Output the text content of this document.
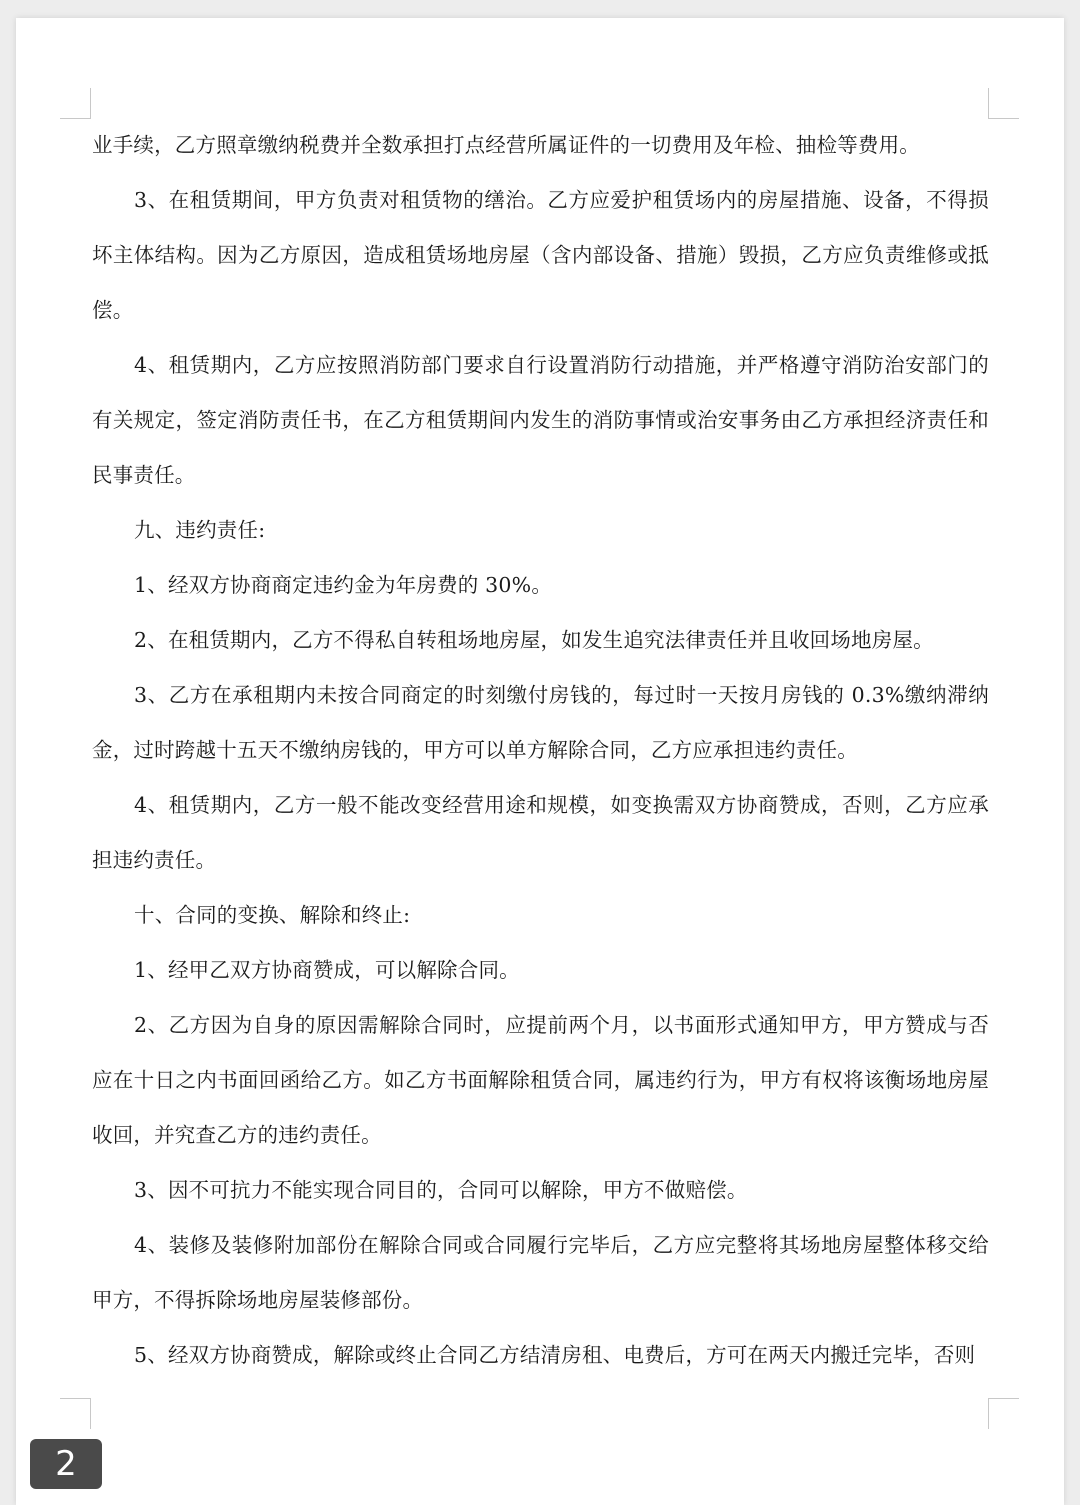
业手续，乙方照章缴纳税费并全数承担打点经营所属证件的一切费用及年检、抽检等费用。

3、在租赁期间，甲方负责对租赁物的缮治。乙方应爱护租赁场内的房屋措施、设备，不得损坏主体结构。因为乙方原因，造成租赁场地房屋（含内部设备、措施）毁损，乙方应负责维修或抵偿。

4、租赁期内，乙方应按照消防部门要求自行设置消防行动措施，并严格遵守消防治安部门的有关规定，签定消防责任书，在乙方租赁期间内发生的消防事情或治安事务由乙方承担经济责任和民事责任。

九、违约责任:

1、经双方协商商定违约金为年房费的 30%。

2、在租赁期内，乙方不得私自转租场地房屋，如发生追究法律责任并且收回场地房屋。

3、乙方在承租期内未按合同商定的时刻缴付房钱的，每过时一天按月房钱的 0.3%缴纳滞纳金，过时跨越十五天不缴纳房钱的，甲方可以单方解除合同，乙方应承担违约责任。

4、租赁期内，乙方一般不能改变经营用途和规模，如变换需双方协商赞成，否则，乙方应承担违约责任。

十、合同的变换、解除和终止:

1、经甲乙双方协商赞成，可以解除合同。

2、乙方因为自身的原因需解除合同时，应提前两个月，以书面形式通知甲方，甲方赞成与否应在十日之内书面回函给乙方。如乙方书面解除租赁合同，属违约行为，甲方有权将该衡场地房屋收回，并究查乙方的违约责任。

3、因不可抗力不能实现合同目的，合同可以解除，甲方不做赔偿。

4、装修及装修附加部份在解除合同或合同履行完毕后，乙方应完整将其场地房屋整体移交给甲方，不得拆除场地房屋装修部份。

5、经双方协商赞成，解除或终止合同乙方结清房租、电费后，方可在两天内搬迁完毕，否则

2
